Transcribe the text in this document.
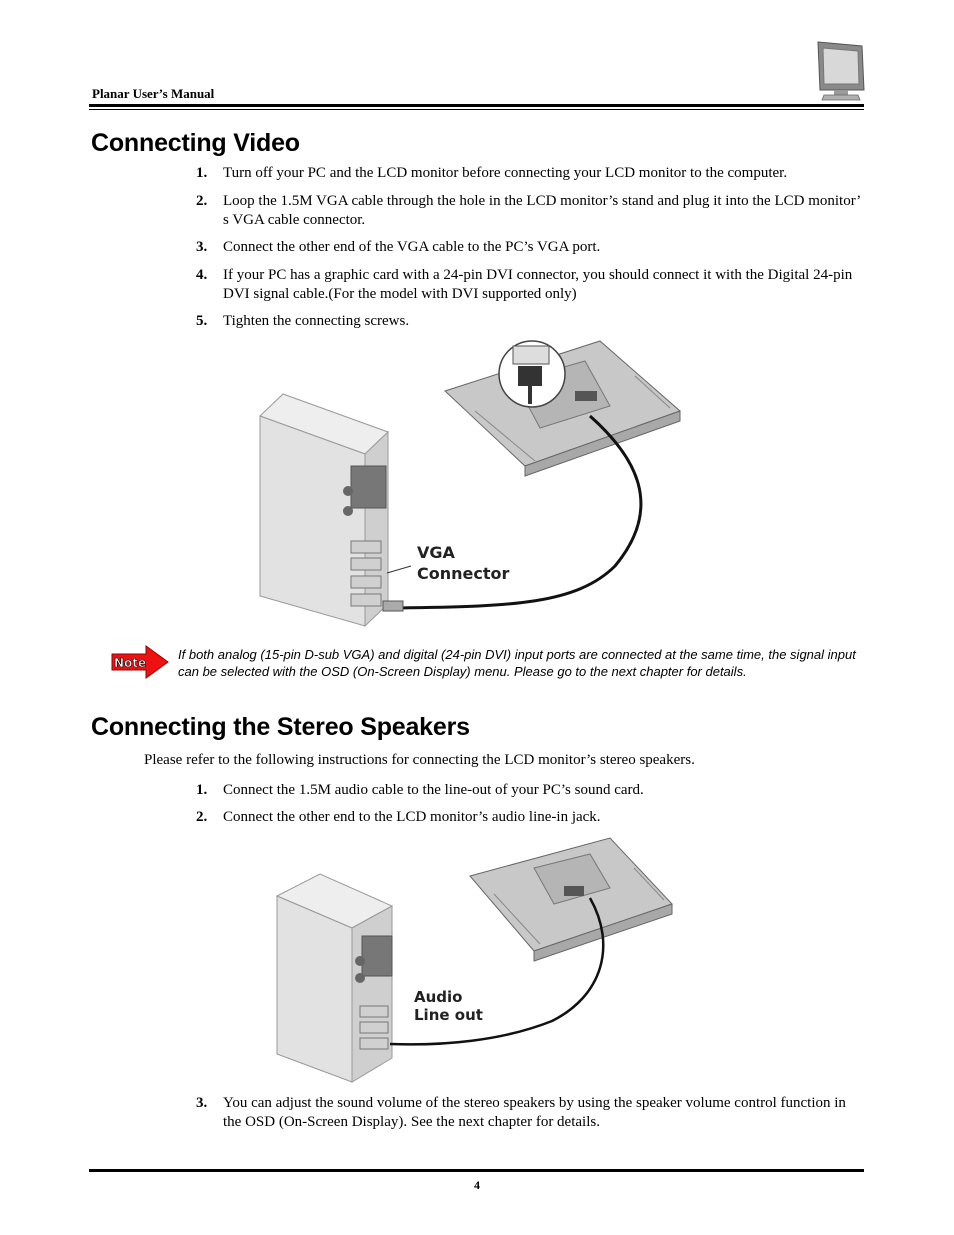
Planar User’s Manual
Connecting Video
1. Turn off your PC and the LCD monitor before connecting your LCD monitor to the computer.
2. Loop the 1.5M VGA cable through the hole in the LCD monitor’s stand and plug it into the LCD monitor’ s VGA cable connector.
3. Connect the other end of the VGA cable to the PC’s VGA port.
4. If your PC has a graphic card with a 24-pin DVI connector, you should connect it with the Digital 24-pin DVI signal cable.(For the model with DVI supported only)
5. Tighten the connecting screws.
VGA
Connector
Note
If both analog (15-pin D-sub VGA) and digital (24-pin DVI) input ports are connected at the same time, the signal input can be selected with the OSD (On-Screen Display) menu. Please go to the next chapter for details.
Connecting the Stereo Speakers
Please refer to the following instructions for connecting the LCD monitor’s stereo speakers.
1. Connect the 1.5M audio cable to the line-out of your PC’s sound card.
2. Connect the other end to the LCD monitor’s audio line-in jack.
Audio
Line out
3. You can adjust the sound volume of the stereo speakers by using the speaker volume control function in the OSD (On-Screen Display). See the next chapter for details.
4
